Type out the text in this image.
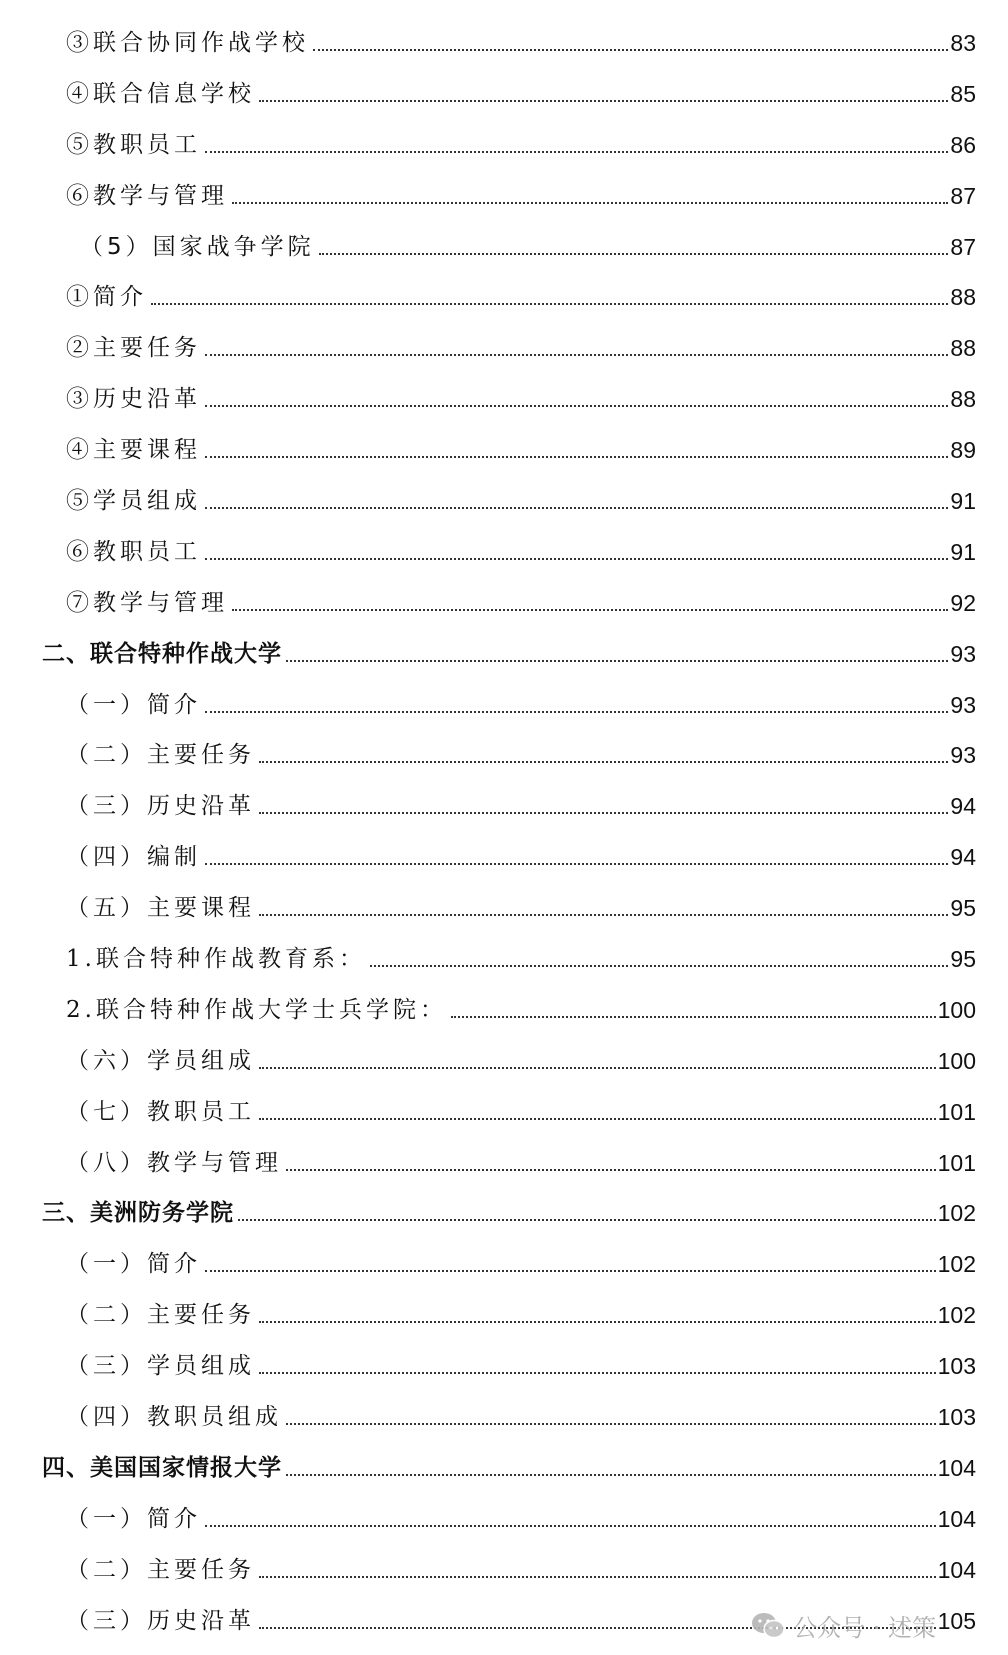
③联合协同作战学校	83
④联合信息学校	85
⑤教职员工	86
⑥教学与管理	87
（5）国家战争学院	87
①简介	88
②主要任务	88
③历史沿革	88
④主要课程	89
⑤学员组成	91
⑥教职员工	91
⑦教学与管理	92
二、联合特种作战大学	93
（一）简介	93
（二）主要任务	93
（三）历史沿革	94
（四）编制	94
（五）主要课程	95
1.联合特种作战教育系：	95
2.联合特种作战大学士兵学院：	100
（六）学员组成	100
（七）教职员工	101
（八）教学与管理	101
三、美洲防务学院	102
（一）简介	102
（二）主要任务	102
（三）学员组成	103
（四）教职员组成	103
四、美国国家情报大学	104
（一）简介	104
（二）主要任务	104
（三）历史沿革	105
公众号 · 述策
